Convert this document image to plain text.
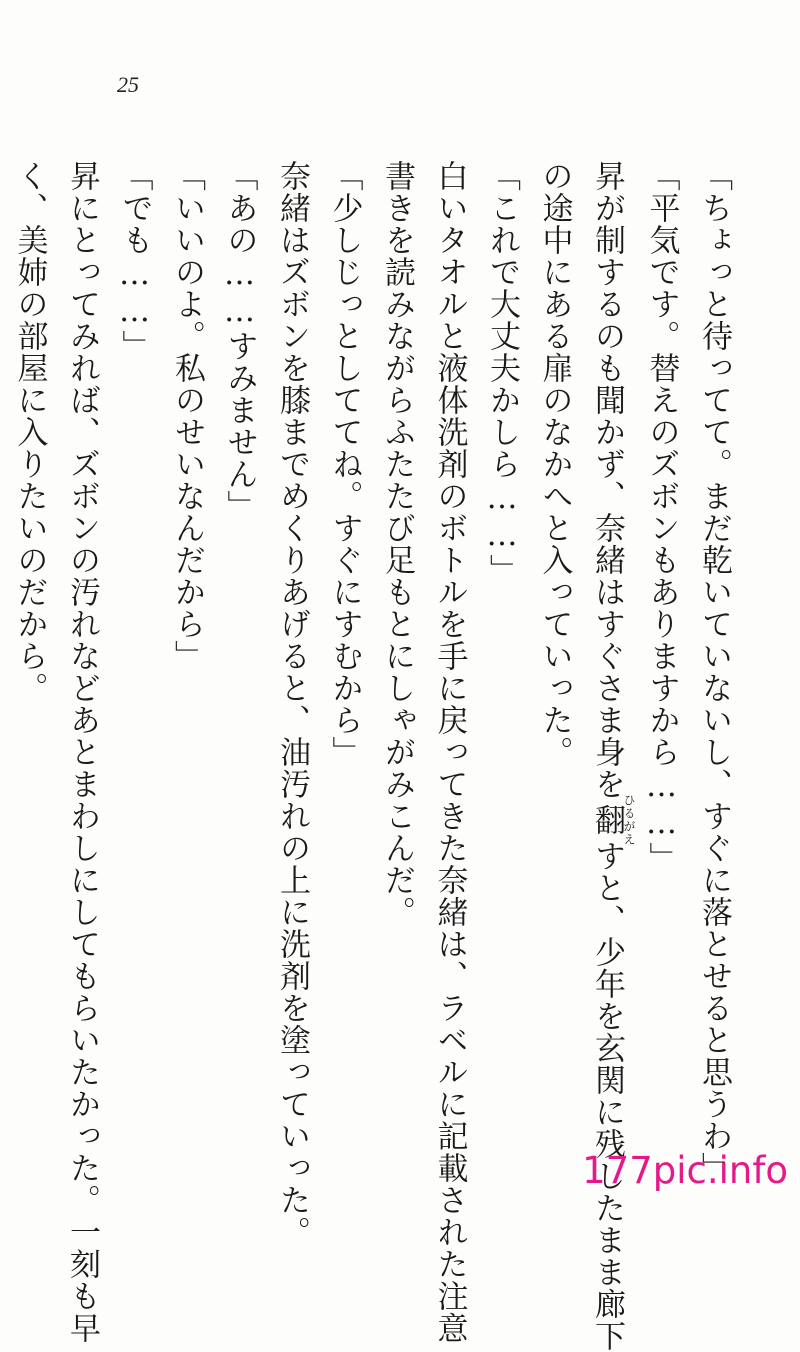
25
「ちょっと待ってて。まだ乾いていないし、すぐに落とせると思うわ」
「平気です。替えのズボンもありますから……」
昇が制するのも聞かず、奈緒はすぐさま身を翻ひるがえすと、少年を玄関に残したまま廊下
の途中にある扉のなかへと入っていった。
「これで大丈夫かしら……」
白いタオルと液体洗剤のボトルを手に戻ってきた奈緒は、ラベルに記載された注意
書きを読みながらふたたび足もとにしゃがみこんだ。
「少しじっとしててね。すぐにすむから」
奈緒はズボンを膝までめくりあげると、油汚れの上に洗剤を塗っていった。
「あの……すみません」
「いいのよ。私のせいなんだから」
「でも……」
昇にとってみれば、ズボンの汚れなどあとまわしにしてもらいたかった。一刻も早
く、美姉の部屋に入りたいのだから。
177pic.info
